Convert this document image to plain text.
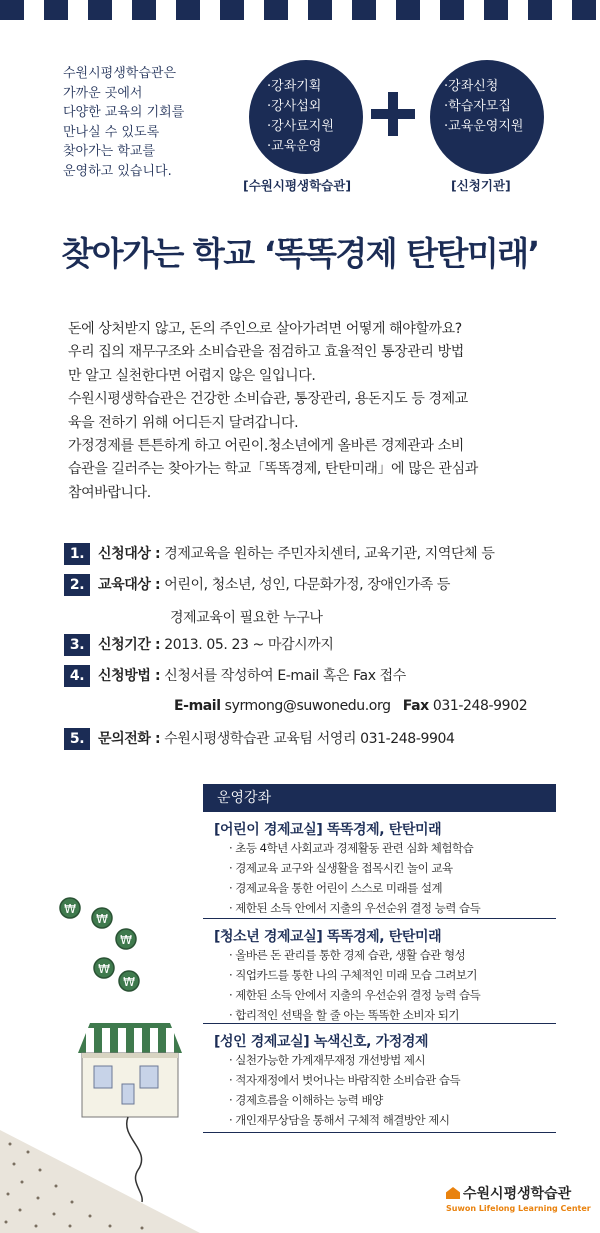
수원시평생학습관은
가까운 곳에서
다양한 교육의 기회를
만나실 수 있도록
찾아가는 학교를
운영하고 있습니다.
·강좌기획
·강사섭외
·강사료지원
·교육운영
·강좌신청
·학습자모집
·교육운영지원
[수원시평생학습관]	[신청기관]
찾아가는 학교 ‘똑똑경제 탄탄미래’
돈에 상처받지 않고, 돈의 주인으로 살아가려면 어떻게 해야할까요?
우리 집의 재무구조와 소비습관을 점검하고 효율적인 통장관리 방법
만 알고 실천한다면 어렵지 않은 일입니다.
수원시평생학습관은 건강한 소비습관, 통장관리, 용돈지도 등 경제교
육을 전하기 위해 어디든지 달려갑니다.
가정경제를 튼튼하게 하고 어린이.청소년에게 올바른 경제관과 소비
습관을 길러주는 찾아가는 학교「똑똑경제, 탄탄미래」에 많은 관심과
참여바랍니다.
1. 신청대상 : 경제교육을 원하는 주민자치센터, 교육기관, 지역단체 등
2. 교육대상 : 어린이, 청소년, 성인, 다문화가정, 장애인가족 등
경제교육이 필요한 누구나
3. 신청기간 : 2013. 05. 23 ~ 마감시까지
4. 신청방법 : 신청서를 작성하여 E-mail 혹은 Fax 접수
E-mail syrmong@suwonedu.org Fax 031-248-9902
5. 문의전화 : 수원시평생학습관 교육팀 서영리 031-248-9904
운영강좌
[어린이 경제교실] 똑똑경제, 탄탄미래
· 초등 4학년 사회교과 경제활동 관련 심화 체험학습
· 경제교육 교구와 실생활을 접목시킨 놀이 교육
· 경제교육을 통한 어린이 스스로 미래를 설계
· 제한된 소득 안에서 지출의 우선순위 결정 능력 습득
[청소년 경제교실] 똑똑경제, 탄탄미래
· 올바른 돈 관리를 통한 경제 습관, 생활 습관 형성
· 직업카드를 통한 나의 구체적인 미래 모습 그려보기
· 제한된 소득 안에서 지출의 우선순위 결정 능력 습득
· 합리적인 선택을 할 줄 아는 똑똑한 소비자 되기
[성인 경제교실] 녹색신호, 가정경제
· 실천가능한 가계재무재정 개선방법 제시
· 적자재정에서 벗어나는 바람직한 소비습관 습득
· 경제흐름을 이해하는 능력 배양
· 개인재무상담을 통해서 구체적 해결방안 제시
₩
₩
₩
₩
₩
수원시평생학습관
Suwon Lifelong Learning Center
